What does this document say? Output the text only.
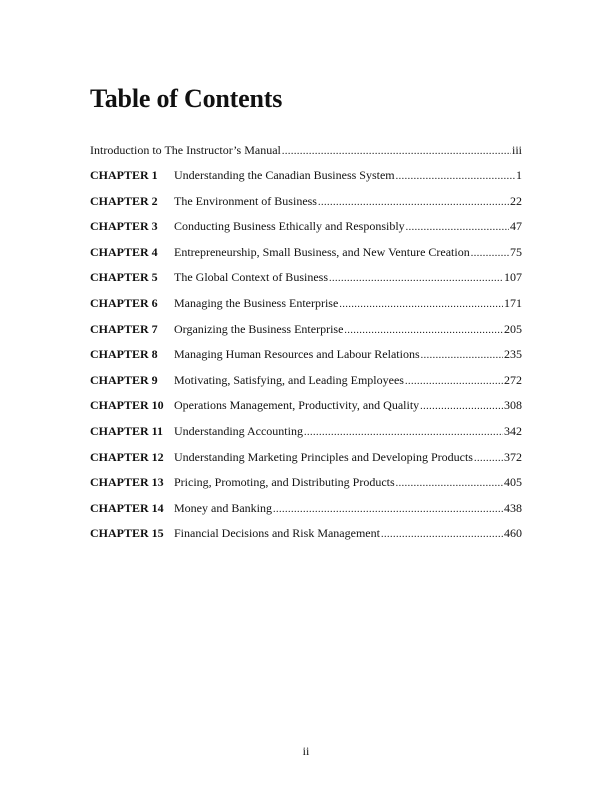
Table of Contents
Introduction to The Instructor’s Manual .....	iii
CHAPTER 1	Understanding the Canadian Business System .....	1
CHAPTER 2	The Environment of Business .....	22
CHAPTER 3	Conducting Business Ethically and Responsibly .....	47
CHAPTER 4	Entrepreneurship, Small Business, and New Venture Creation .....	75
CHAPTER 5	The Global Context of Business .....	107
CHAPTER 6	Managing the Business Enterprise .....	171
CHAPTER 7	Organizing the Business Enterprise .....	205
CHAPTER 8	Managing Human Resources and Labour Relations .....	235
CHAPTER 9	Motivating, Satisfying, and Leading Employees .....	272
CHAPTER 10 Operations Management, Productivity, and Quality .....	308
CHAPTER 11 Understanding Accounting .....	342
CHAPTER 12 Understanding Marketing Principles and Developing Products .....	372
CHAPTER 13 Pricing, Promoting, and Distributing Products .....	405
CHAPTER 14 Money and Banking .....	438
CHAPTER 15 Financial Decisions and Risk Management .....	460
ii
